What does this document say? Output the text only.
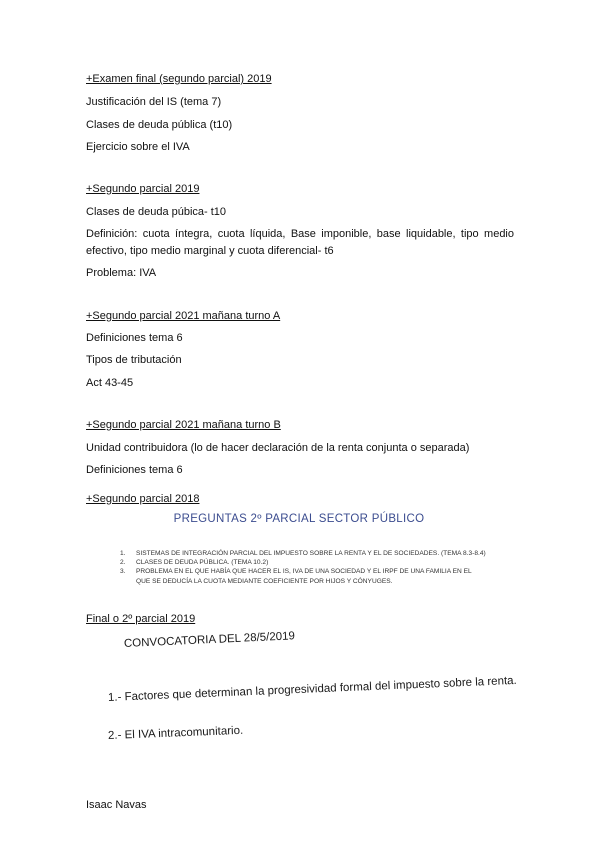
+Examen final (segundo parcial) 2019
Justificación del IS (tema 7)
Clases de deuda pública (t10)
Ejercicio sobre el IVA
+Segundo parcial 2019
Clases de deuda púbica- t10
Definición: cuota íntegra, cuota líquida, Base imponible, base liquidable, tipo medio efectivo, tipo medio marginal y cuota diferencial- t6
Problema: IVA
+Segundo parcial 2021 mañana turno A
Definiciones tema 6
Tipos de tributación
Act 43-45
+Segundo parcial 2021 mañana turno B
Unidad contribuidora (lo de hacer declaración de la renta conjunta o separada)
Definiciones tema 6
+Segundo parcial 2018
PREGUNTAS 2º PARCIAL SECTOR PÚBLICO
1. SISTEMAS DE INTEGRACIÓN PARCIAL DEL IMPUESTO SOBRE LA RENTA Y EL DE SOCIEDADES. (TEMA 8.3-8.4)
2. CLASES DE DEUDA PÚBLICA. (TEMA 10.2)
3. PROBLEMA EN EL QUE HABÍA QUE HACER EL IS, IVA DE UNA SOCIEDAD Y EL IRPF DE UNA FAMILIA EN EL QUE SE DEDUCÍA LA CUOTA MEDIANTE COEFICIENTE POR HIJOS Y CÓNYUGES.
Final o 2º parcial 2019
CONVOCATORIA DEL 28/5/2019
1.- Factores que determinan la progresividad formal del impuesto sobre la renta.
2.- El IVA intracomunitario.
Isaac Navas
